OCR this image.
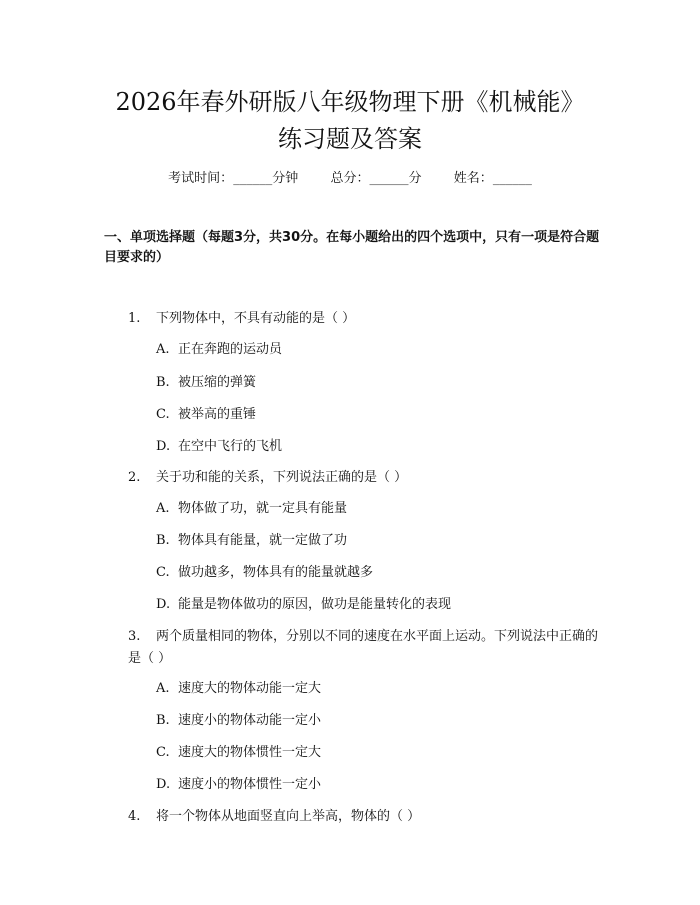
2026年春外研版八年级物理下册《机械能》
练习题及答案
考试时间：______分钟 总分：______分 姓名：______

一、单项选择题（每题3分，共30分。在每小题给出的四个选项中，只有一项是符合题目要求的）

1. 下列物体中，不具有动能的是（ ）

A. 正在奔跑的运动员

B. 被压缩的弹簧

C. 被举高的重锤

D. 在空中飞行的飞机

2. 关于功和能的关系，下列说法正确的是（ ）

A. 物体做了功，就一定具有能量

B. 物体具有能量，就一定做了功

C. 做功越多，物体具有的能量就越多

D. 能量是物体做功的原因，做功是能量转化的表现

3. 两个质量相同的物体，分别以不同的速度在水平面上运动。下列说法中正确的是（ ）

A. 速度大的物体动能一定大

B. 速度小的物体动能一定小

C. 速度大的物体惯性一定大

D. 速度小的物体惯性一定小

4. 将一个物体从地面竖直向上举高，物体的（ ）
